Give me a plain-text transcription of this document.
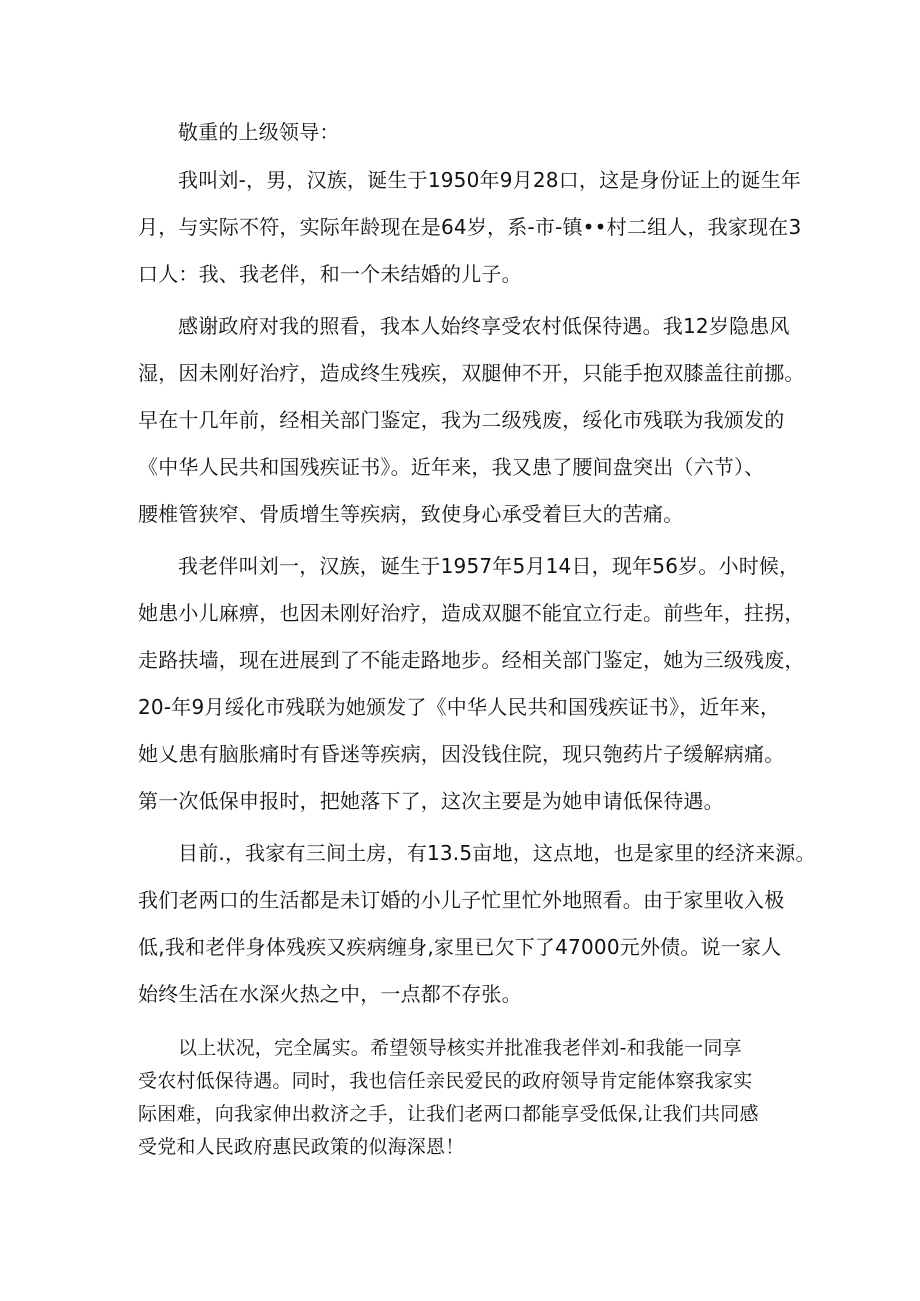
敬重的上级领导：

我叫刘-，男，汉族，诞生于1950年9月28口，这是身份证上的诞生年

月，与实际不符，实际年龄现在是64岁，系-市-镇••村二组人，我家现在3

口人：我、我老伴，和一个未结婚的儿子。

感谢政府对我的照看，我本人始终享受农村低保待遇。我12岁隐患风

湿，因未刚好治疗，造成终生残疾，双腿伸不开，只能手抱双膝盖往前挪。

早在十几年前，经相关部门鉴定，我为二级残废，绥化市残联为我颁发的

《中华人民共和国残疾证书》。近年来，我又患了腰间盘突出（六节）、

腰椎管狭窄、骨质增生等疾病，致使身心承受着巨大的苦痛。

我老伴叫刘一，汉族，诞生于1957年5月14日，现年56岁。小时候，

她患小儿麻痹，也因未刚好治疗，造成双腿不能宜立行走。前些年，拄拐，

走路扶墙，现在进展到了不能走路地步。经相关部门鉴定，她为三级残废，

20-年9月绥化市残联为她颁发了《中华人民共和国残疾证书》，近年来，

她乂患有脑胀痛时有昏迷等疾病，因没钱住院，现只匏药片子缓解病痛。

第一次低保申报时，把她落下了，这次主要是为她申请低保待遇。

目前.，我家有三间土房，有13.5亩地，这点地，也是家里的经济来源。

我们老两口的生活都是未订婚的小儿子忙里忙外地照看。由于家里收入极

低,我和老伴身体残疾又疾病缠身,家里已欠下了47000元外债。说一家人

始终生活在水深火热之中，一点都不存张。

以上状况，完全属实。希望领导核实并批准我老伴刘-和我能一同享

受农村低保待遇。同时，我也信任亲民爱民的政府领导肯定能体察我家实

际困难，向我家伸出救济之手，让我们老两口都能享受低保,让我们共同感

受党和人民政府惠民政策的似海深恩！
